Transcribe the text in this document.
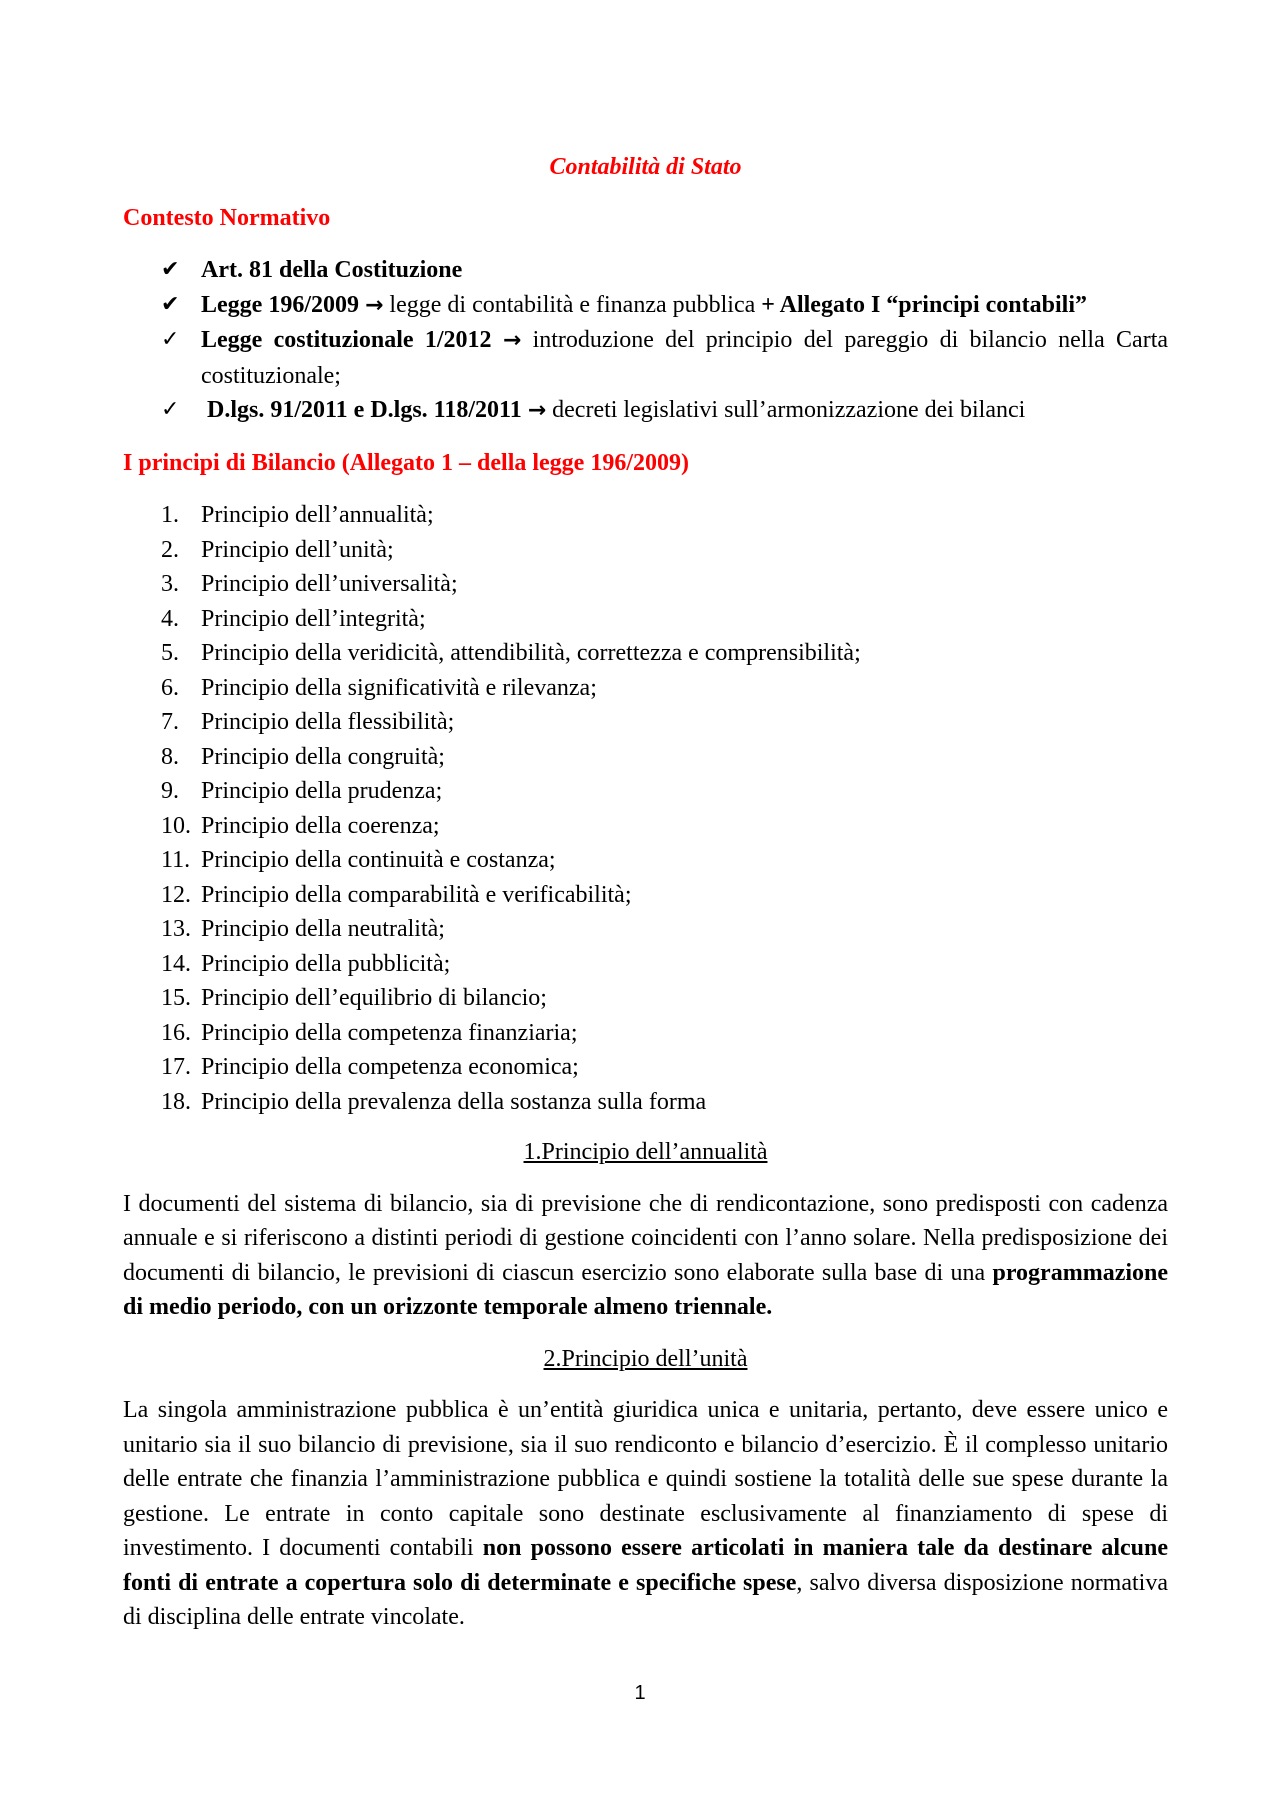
Contabilità di Stato
Contesto Normativo
✔ Art. 81 della Costituzione
✔ Legge 196/2009 → legge di contabilità e finanza pubblica + Allegato I “principi contabili”
✓ Legge costituzionale 1/2012 → introduzione del principio del pareggio di bilancio nella Carta costituzionale;
✓ D.lgs. 91/2011 e D.lgs. 118/2011 → decreti legislativi sull’armonizzazione dei bilanci
I principi di Bilancio (Allegato 1 – della legge 196/2009)
1. Principio dell’annualità;
2. Principio dell’unità;
3. Principio dell’universalità;
4. Principio dell’integrità;
5. Principio della veridicità, attendibilità, correttezza e comprensibilità;
6. Principio della significatività e rilevanza;
7. Principio della flessibilità;
8. Principio della congruità;
9. Principio della prudenza;
10. Principio della coerenza;
11. Principio della continuità e costanza;
12. Principio della comparabilità e verificabilità;
13. Principio della neutralità;
14. Principio della pubblicità;
15. Principio dell’equilibrio di bilancio;
16. Principio della competenza finanziaria;
17. Principio della competenza economica;
18. Principio della prevalenza della sostanza sulla forma
1.Principio dell’annualità
I documenti del sistema di bilancio, sia di previsione che di rendicontazione, sono predisposti con cadenza annuale e si riferiscono a distinti periodi di gestione coincidenti con l’anno solare. Nella predisposizione dei documenti di bilancio, le previsioni di ciascun esercizio sono elaborate sulla base di una programmazione di medio periodo, con un orizzonte temporale almeno triennale.
2.Principio dell’unità
La singola amministrazione pubblica è un’entità giuridica unica e unitaria, pertanto, deve essere unico e unitario sia il suo bilancio di previsione, sia il suo rendiconto e bilancio d’esercizio. È il complesso unitario delle entrate che finanzia l’amministrazione pubblica e quindi sostiene la totalità delle sue spese durante la gestione. Le entrate in conto capitale sono destinate esclusivamente al finanziamento di spese di investimento. I documenti contabili non possono essere articolati in maniera tale da destinare alcune fonti di entrate a copertura solo di determinate e specifiche spese, salvo diversa disposizione normativa di disciplina delle entrate vincolate.
1
